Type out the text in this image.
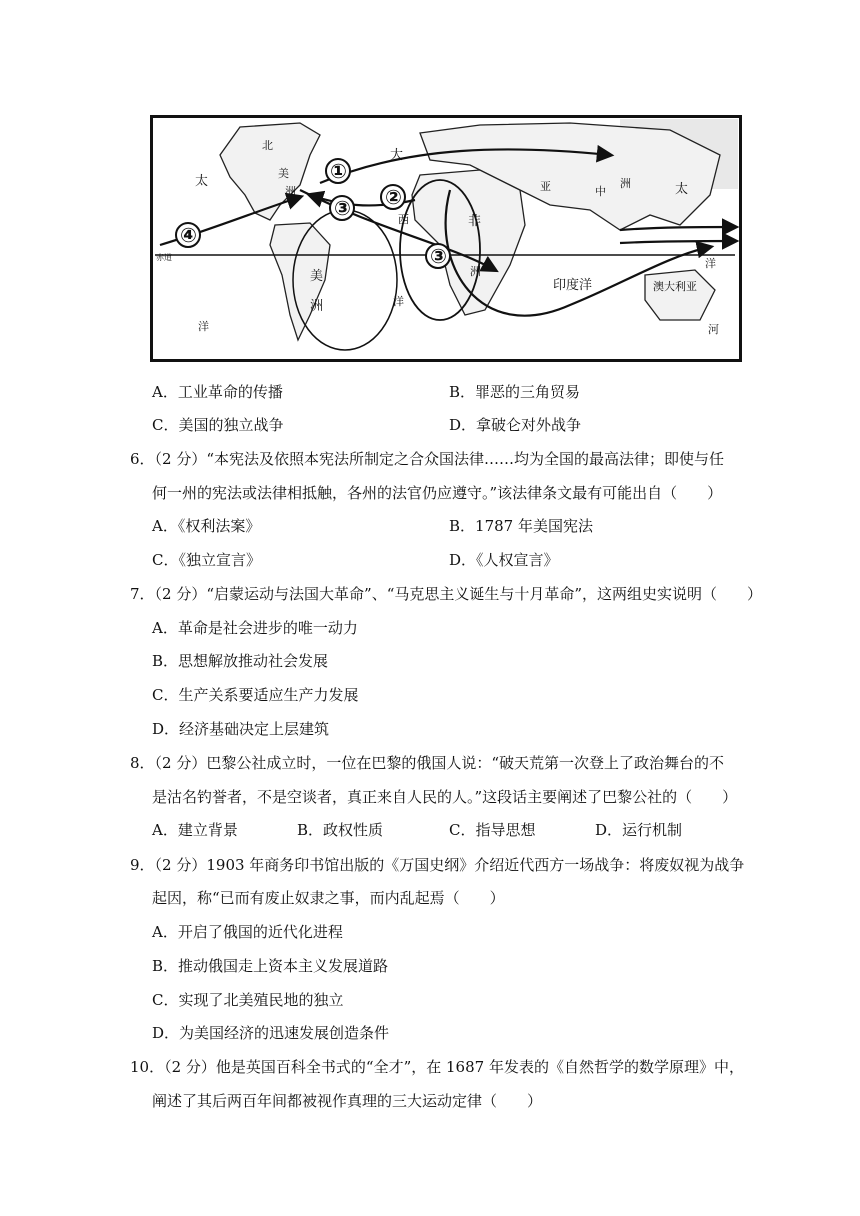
①
②
③
③
④
北
美
洲
太
大
西
亚	中
洲	太
非
洲
美
洲
洋
洋
洋
印度洋	澳大利亚
赤道
河
A．工业革命的传播	B．罪恶的三角贸易
C．美国的独立战争	D．拿破仑对外战争
6．（2 分）“本宪法及依照本宪法所制定之合众国法律……均为全国的最高法律；即使与任
何一州的宪法或法律相抵触，各州的法官仍应遵守。”该法律条文最有可能出自（　　）
A．《权利法案》	B．1787 年美国宪法
C．《独立宣言》	D．《人权宣言》
7．（2 分）“启蒙运动与法国大革命”、“马克思主义诞生与十月革命”，这两组史实说明（　　）
A．革命是社会进步的唯一动力
B．思想解放推动社会发展
C．生产关系要适应生产力发展
D．经济基础决定上层建筑
8．（2 分）巴黎公社成立时，一位在巴黎的俄国人说：“破天荒第一次登上了政治舞台的不
是沽名钓誉者，不是空谈者，真正来自人民的人。”这段话主要阐述了巴黎公社的（　　）
A．建立背景	B．政权性质	C．指导思想	D．运行机制
9．（2 分）1903 年商务印书馆出版的《万国史纲》介绍近代西方一场战争：将废奴视为战争
起因，称“已而有废止奴隶之事，而内乱起焉（　　）
A．开启了俄国的近代化进程
B．推动俄国走上资本主义发展道路
C．实现了北美殖民地的独立
D．为美国经济的迅速发展创造条件
10．（2 分）他是英国百科全书式的“全才”，在 1687 年发表的《自然哲学的数学原理》中，
阐述了其后两百年间都被视作真理的三大运动定律（　　）
